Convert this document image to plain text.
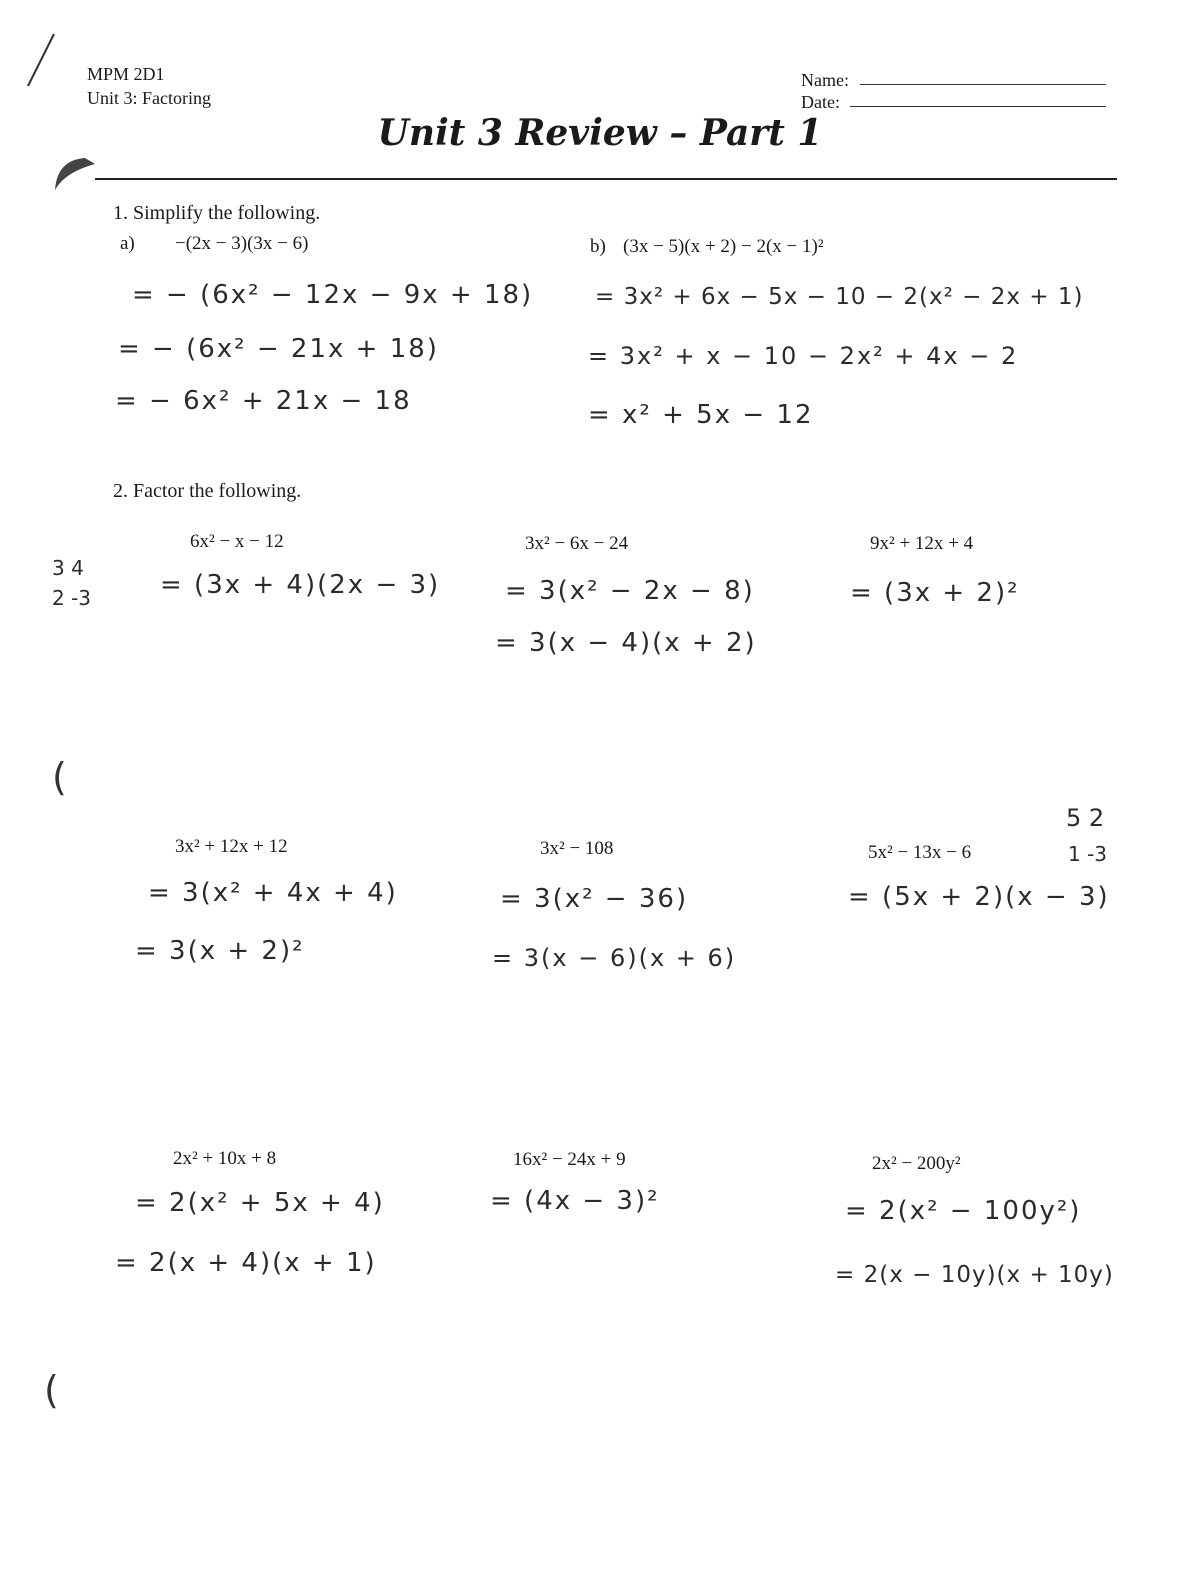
(
(
MPM 2D1
Unit 3: Factoring
Name:
Date:
Unit 3 Review – Part 1
1. Simplify the following.
a) −(2x − 3)(3x − 6)
= − (6x² − 12x − 9x + 18)
= − (6x² − 21x + 18)
= − 6x² + 21x − 18
b) (3x − 5)(x + 2) − 2(x − 1)²
= 3x² + 6x − 5x − 10 − 2(x² − 2x + 1)
= 3x² + x − 10 − 2x² + 4x − 2
= x² + 5x − 12
2. Factor the following.
3 4
2 -3
6x² − x − 12
= (3x + 4)(2x − 3)
3x² − 6x − 24
= 3(x² − 2x − 8)
= 3(x − 4)(x + 2)
9x² + 12x + 4
= (3x + 2)²
3x² + 12x + 12
= 3(x² + 4x + 4)
= 3(x + 2)²
3x² − 108
= 3(x² − 36)
= 3(x − 6)(x + 6)
5x² − 13x − 6
5 2
1 -3
= (5x + 2)(x − 3)
2x² + 10x + 8
= 2(x² + 5x + 4)
= 2(x + 4)(x + 1)
16x² − 24x + 9
= (4x − 3)²
2x² − 200y²
= 2(x² − 100y²)
= 2(x − 10y)(x + 10y)
